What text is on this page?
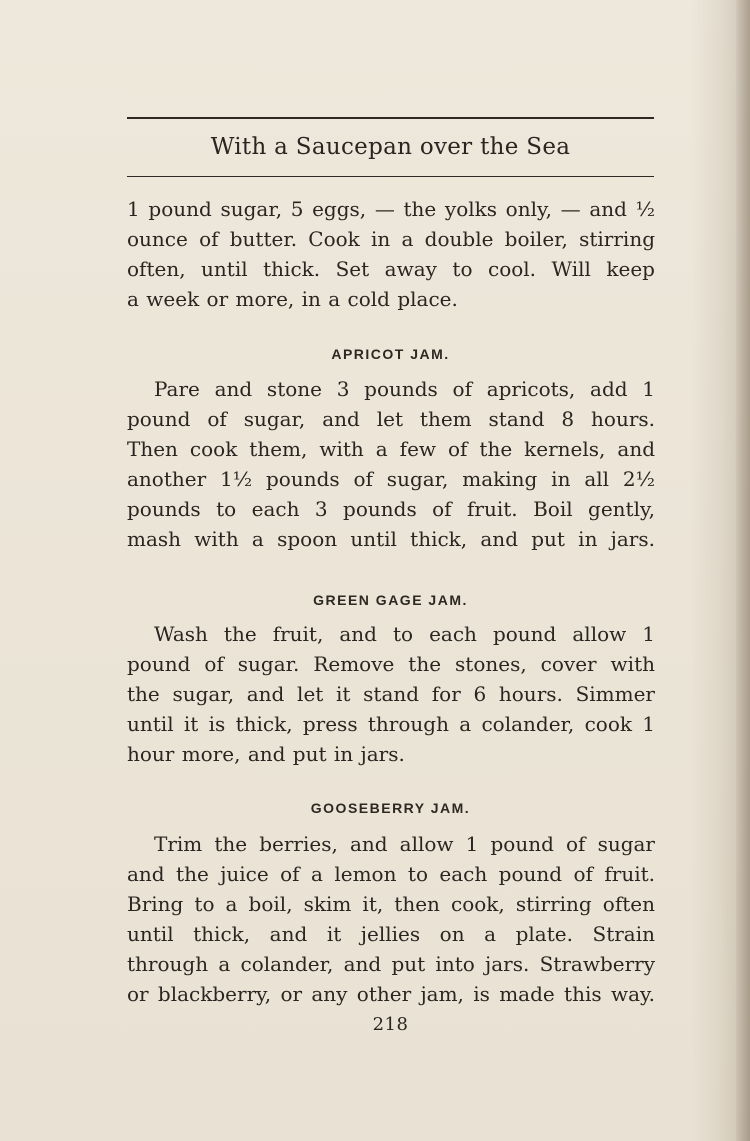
With a Saucepan over the Sea
1 pound sugar, 5 eggs, — the yolks only, — and ½
ounce of butter. Cook in a double boiler, stirring
often, until thick. Set away to cool. Will keep
a week or more, in a cold place.
APRICOT JAM.
Pare and stone 3 pounds of apricots, add 1
pound of sugar, and let them stand 8 hours.
Then cook them, with a few of the kernels, and
another 1½ pounds of sugar, making in all 2½
pounds to each 3 pounds of fruit. Boil gently,
mash with a spoon until thick, and put in jars.
GREEN GAGE JAM.
Wash the fruit, and to each pound allow 1
pound of sugar. Remove the stones, cover with
the sugar, and let it stand for 6 hours. Simmer
until it is thick, press through a colander, cook 1
hour more, and put in jars.
GOOSEBERRY JAM.
Trim the berries, and allow 1 pound of sugar
and the juice of a lemon to each pound of fruit.
Bring to a boil, skim it, then cook, stirring often
until thick, and it jellies on a plate. Strain
through a colander, and put into jars. Strawberry
or blackberry, or any other jam, is made this way.
218
